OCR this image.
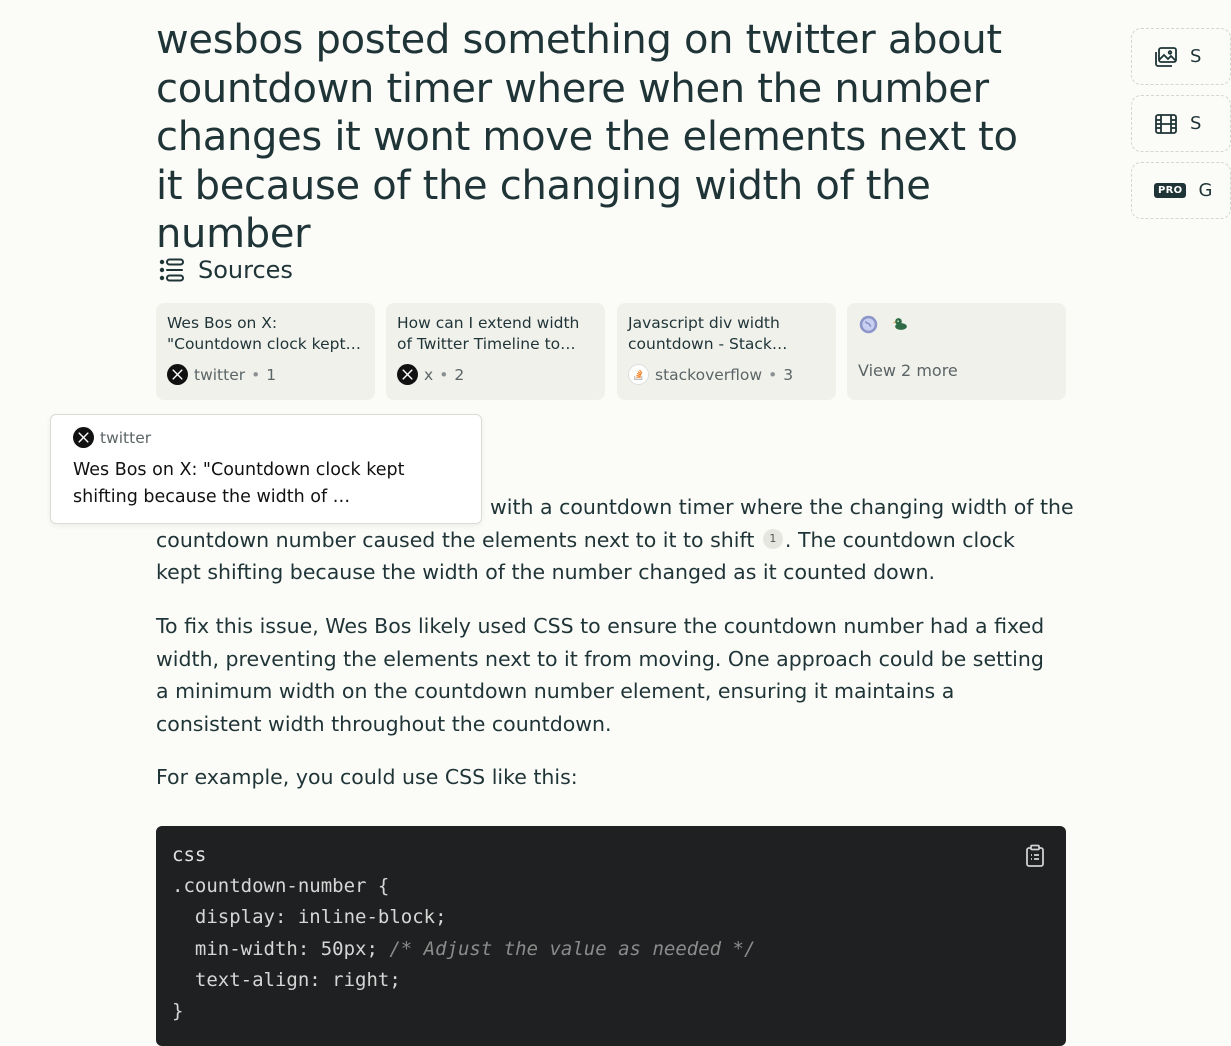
wesbos posted something on twitter about countdown timer where when the number changes it wont move the elements next to it because of the changing width of the number
Sources
Wes Bos on X: "Countdown clock kept…
twitter • 1
How can I extend width of Twitter Timeline to…
x • 2
Javascript div width countdown - Stack…
stackoverflow • 3	View 2 more
with a countdown timer where the changing width of the
countdown number caused the elements next to it to shift 1 . The countdown clock kept shifting because the width of the number changed as it counted down.

To fix this issue, Wes Bos likely used CSS to ensure the countdown number had a fixed width, preventing the elements next to it from moving. One approach could be setting a minimum width on the countdown number element, ensuring it maintains a consistent width throughout the countdown.

For example, you could use CSS like this:

css
.countdown-number {
display: inline-block;
min-width: 50px; /* Adjust the value as needed */
text-align: right;
}
twitter
Wes Bos on X: "Countdown clock kept shifting because the width of …
S
S
PRO G
